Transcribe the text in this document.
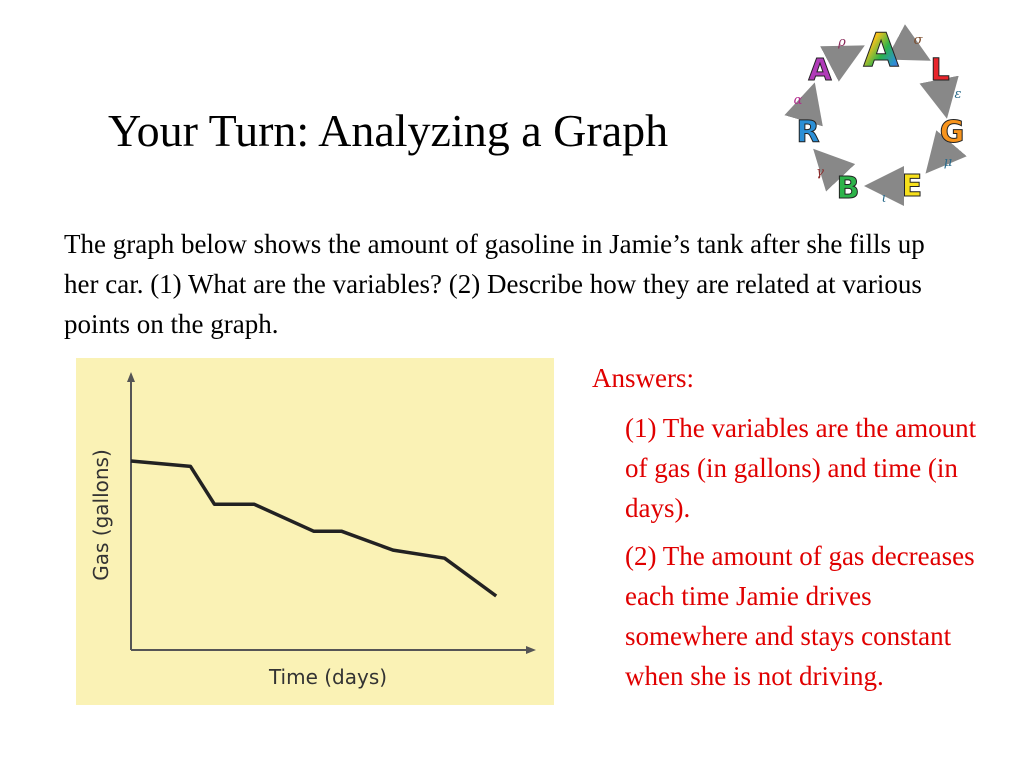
Your Turn: Analyzing a Graph
A L
G
E
B
R
A
σ
ε
μ
ι
γ
α
ρ
The graph below shows the amount of gasoline in Jamie’s tank after she fills up her car. (1) What are the variables? (2) Describe how they are related at various points on the graph.
Time (days)
Gas (gallons)

Answers:

(1) The variables are the amount of gas (in gallons) and time (in days).

(2) The amount of gas decreases each time Jamie drives somewhere and stays constant when she is not driving.
